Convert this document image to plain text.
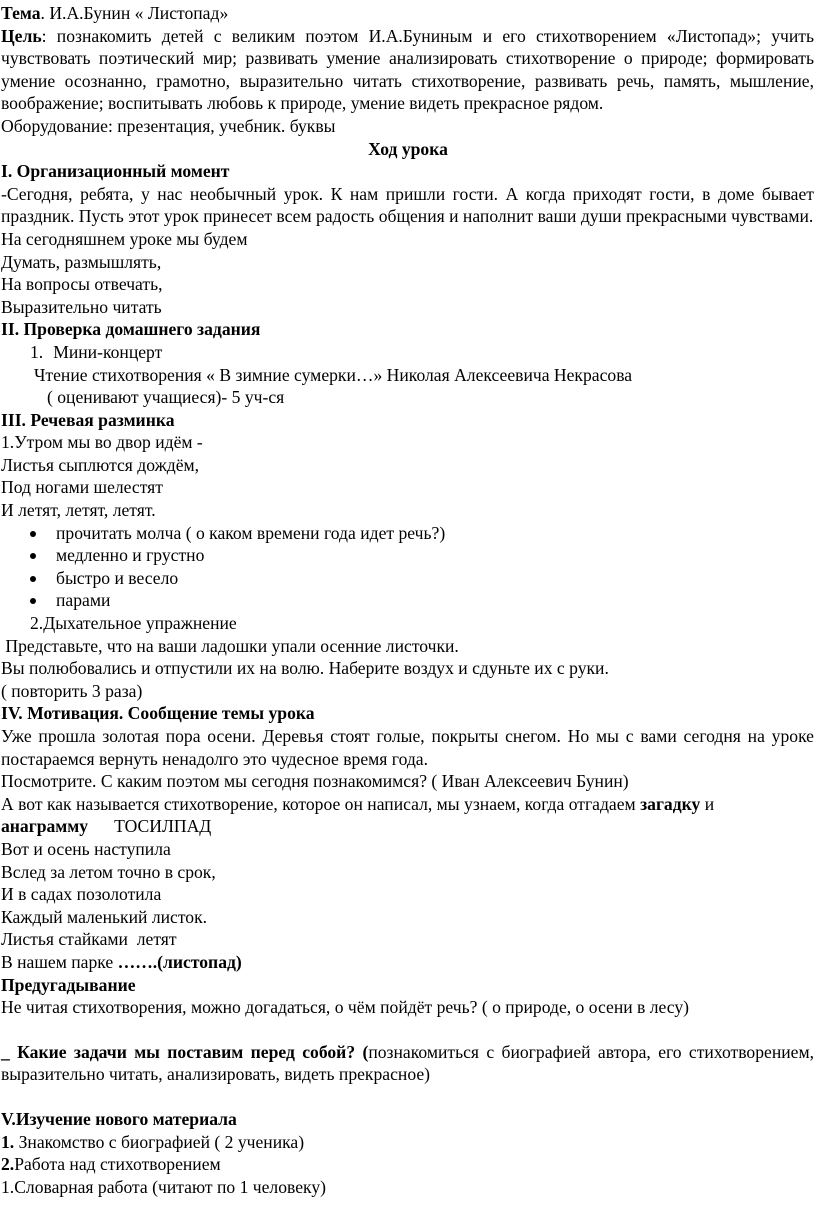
Тема. И.А.Бунин « Листопад»
Цель: познакомить детей с великим поэтом И.А.Буниным и его стихотворением «Листопад»; учить чувствовать поэтический мир; развивать умение анализировать стихотворение о природе; формировать умение осознанно, грамотно, выразительно читать стихотворение, развивать речь, память, мышление, воображение; воспитывать любовь к природе, умение видеть прекрасное рядом.
Оборудование: презентация, учебник. буквы
Ход урока
I. Организационный момент
-Сегодня, ребята, у нас необычный урок. К нам пришли гости. А когда приходят гости, в доме бывает праздник. Пусть этот урок принесет всем радость общения и наполнит ваши души прекрасными чувствами.
На сегодняшнем уроке мы будем
Думать, размышлять,
На вопросы отвечать,
Выразительно читать
II. Проверка домашнего задания
1. Мини-концерт
Чтение стихотворения « В зимние сумерки…» Николая Алексеевича Некрасова
( оценивают учащиеся)- 5 уч-ся
III. Речевая разминка
1.Утром мы во двор идём -
Листья сыплются дождём,
Под ногами шелестят
И летят, летят, летят.
прочитать молча ( о каком времени года идет речь?)
медленно и грустно
быстро и весело
парами
2.Дыхательное упражнение
Представьте, что на ваши ладошки упали осенние листочки.
Вы полюбовались и отпустили их на волю. Наберите воздух и сдуньте их с руки.
( повторить 3 раза)
IV. Мотивация. Сообщение темы урока
Уже прошла золотая пора осени. Деревья стоят голые, покрыты снегом. Но мы с вами сегодня на уроке постараемся вернуть ненадолго это чудесное время года.
Посмотрите. С каким поэтом мы сегодня познакомимся? ( Иван Алексеевич Бунин)
А вот как называется стихотворение, которое он написал, мы узнаем, когда отгадаем загадку и
анаграмму ТОСИЛПАД
Вот и осень наступила
Вслед за летом точно в срок,
И в садах позолотила
Каждый маленький листок.
Листья стайками  летят
В нашем парке …….(листопад)
Предугадывание
Не читая стихотворения, можно догадаться, о чём пойдёт речь? ( о природе, о осени в лесу)
_ Какие задачи мы поставим перед собой? (познакомиться с биографией автора, его стихотворением, выразительно читать, анализировать, видеть прекрасное)
V.Изучение нового материала
1. Знакомство с биографией ( 2 ученика)
2.Работа над стихотворением
1.Словарная работа (читают по 1 человеку)
